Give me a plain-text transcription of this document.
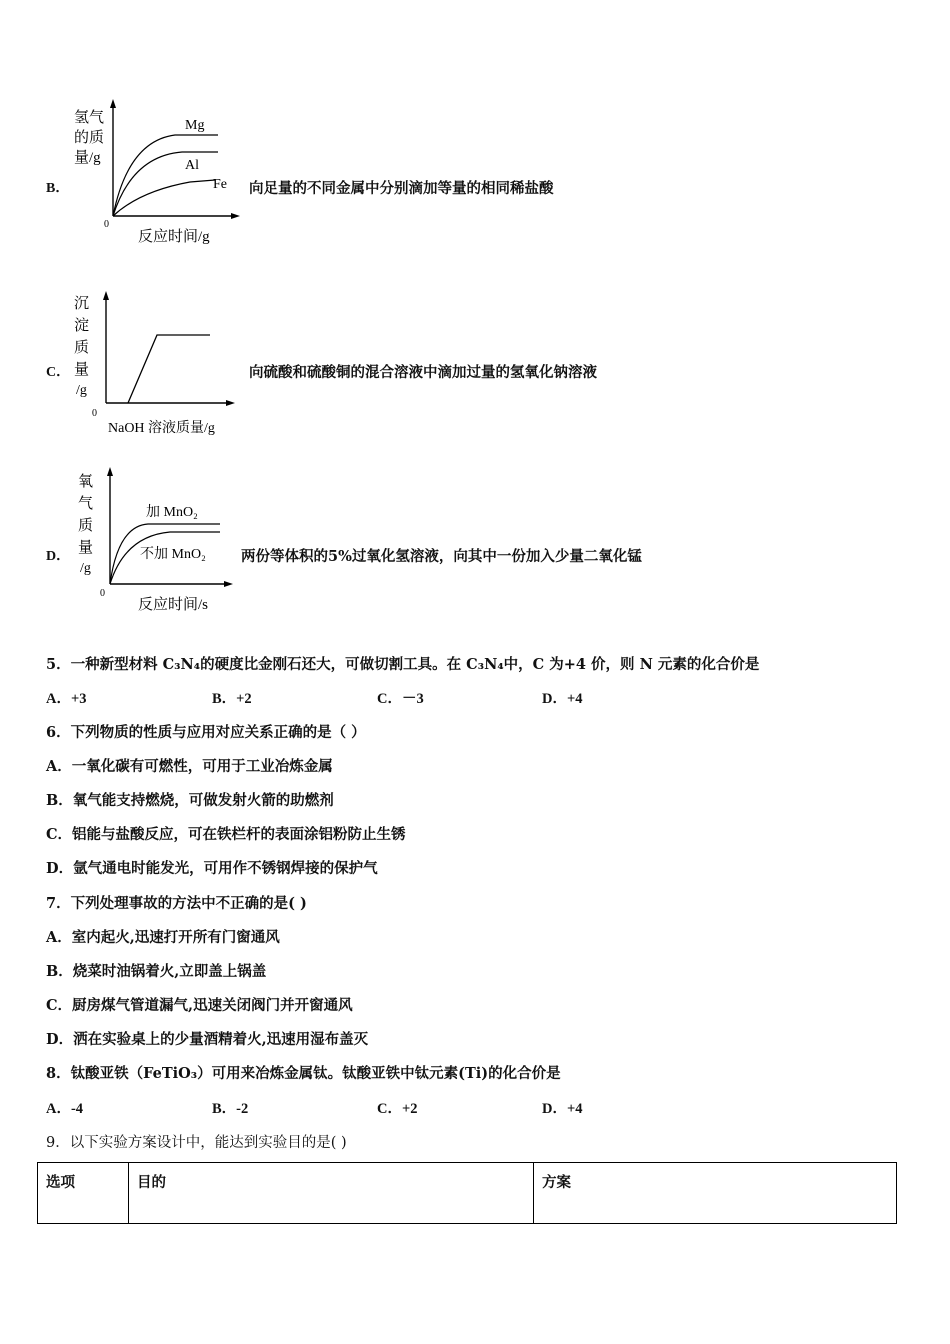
B．
氢气
的质
量/g
Mg
Al
Fe
0
反应时间/g
向足量的不同金属中分别滴加等量的相同稀盐酸
C．
沉
淀
质
量
/g
0
NaOH 溶液质量/g
向硫酸和硫酸铜的混合溶液中滴加过量的氢氧化钠溶液
D．
氧
气
质
量
/g
加 MnO₂
不加 MnO₂
0
反应时间/s
两份等体积的5%过氧化氢溶液，向其中一份加入少量二氧化锰
5．一种新型材料 C₃N₄的硬度比金刚石还大，可做切割工具。在 C₃N₄中，C 为+4 价，则 N 元素的化合价是
A．+3	B．+2	C．－3	D．+4
6．下列物质的性质与应用对应关系正确的是（ ）
A．一氧化碳有可燃性，可用于工业冶炼金属
B．氧气能支持燃烧，可做发射火箭的助燃剂
C．铝能与盐酸反应，可在铁栏杆的表面涂铝粉防止生锈
D．氩气通电时能发光，可用作不锈钢焊接的保护气
7．下列处理事故的方法中不正确的是( )
A．室内起火,迅速打开所有门窗通风
B．烧菜时油锅着火,立即盖上锅盖
C．厨房煤气管道漏气,迅速关闭阀门并开窗通风
D．洒在实验桌上的少量酒精着火,迅速用湿布盖灭
8．钛酸亚铁（FeTiO₃）可用来冶炼金属钛。钛酸亚铁中钛元素(Ti)的化合价是
A．-4	B．-2	C．+2	D．+4
9．以下实验方案设计中，能达到实验目的是( )
选项	目的	方案
